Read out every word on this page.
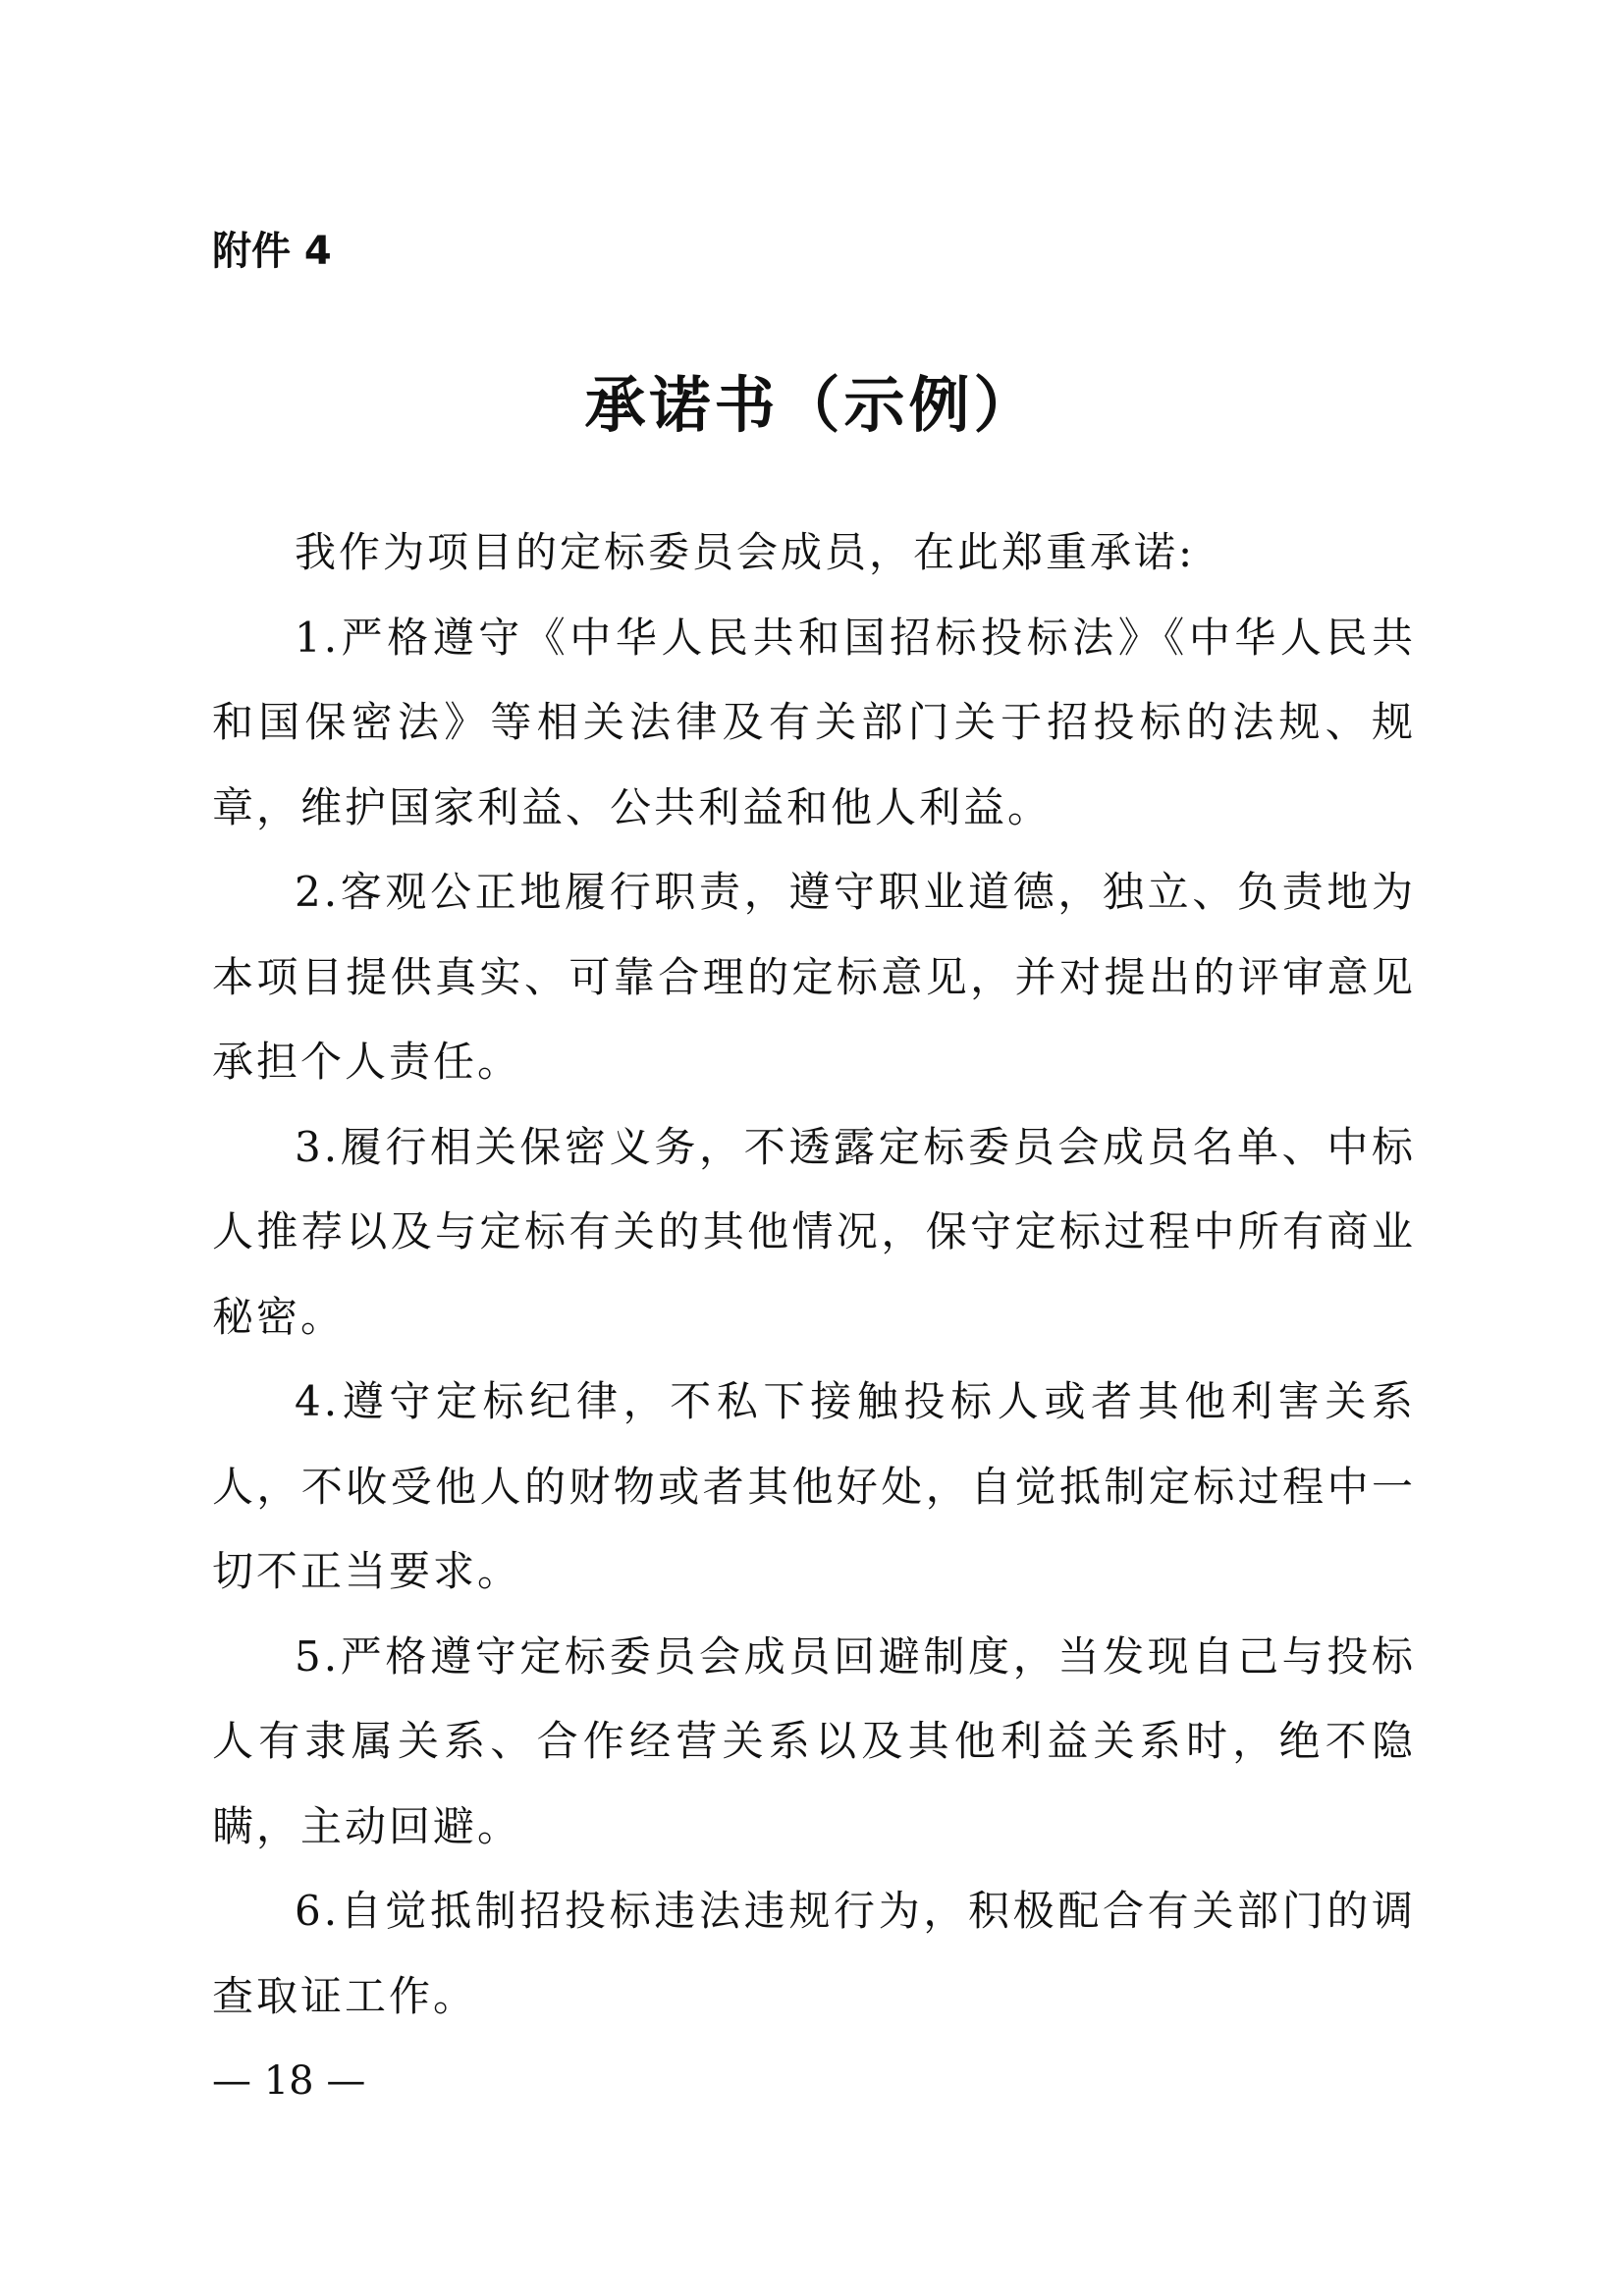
附件 4

承诺书（示例）

我作为项目的定标委员会成员，在此郑重承诺:

1.严格遵守《中华人民共和国招标投标法》《中华人民共和国保密法》等相关法律及有关部门关于招投标的法规、规章，维护国家利益、公共利益和他人利益。

2.客观公正地履行职责，遵守职业道德，独立、负责地为本项目提供真实、可靠合理的定标意见，并对提出的评审意见承担个人责任。

3.履行相关保密义务，不透露定标委员会成员名单、中标人推荐以及与定标有关的其他情况，保守定标过程中所有商业秘密。

4.遵守定标纪律，不私下接触投标人或者其他利害关系人，不收受他人的财物或者其他好处，自觉抵制定标过程中一切不正当要求。

5.严格遵守定标委员会成员回避制度，当发现自己与投标人有隶属关系、合作经营关系以及其他利益关系时，绝不隐瞒，主动回避。

6.自觉抵制招投标违法违规行为，积极配合有关部门的调查取证工作。

— 18 —
